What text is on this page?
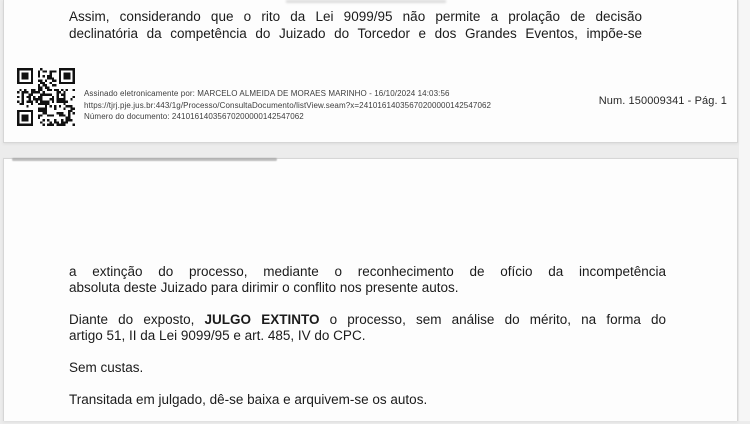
Assim, considerando que o rito da Lei 9099/95 não permite a prolação de decisão
declinatória da competência do Juizado do Torcedor e dos Grandes Eventos, impõe-se
Assinado eletronicamente por: MARCELO ALMEIDA DE MORAES MARINHO - 16/10/2024 14:03:56
https://tjrj.pje.jus.br:443/1g/Processo/ConsultaDocumento/listView.seam?x=24101614035670200000142547062
Número do documento: 24101614035670200000142547062
Num. 150009341 - Pág. 1
a extinção do processo, mediante o reconhecimento de ofício da incompetência
absoluta deste Juizado para dirimir o conflito nos presente autos.
Diante do exposto, JULGO EXTINTO o processo, sem análise do mérito, na forma do
artigo 51, II da Lei 9099/95 e art. 485, IV do CPC.
Sem custas.
Transitada em julgado, dê-se baixa e arquivem-se os autos.
